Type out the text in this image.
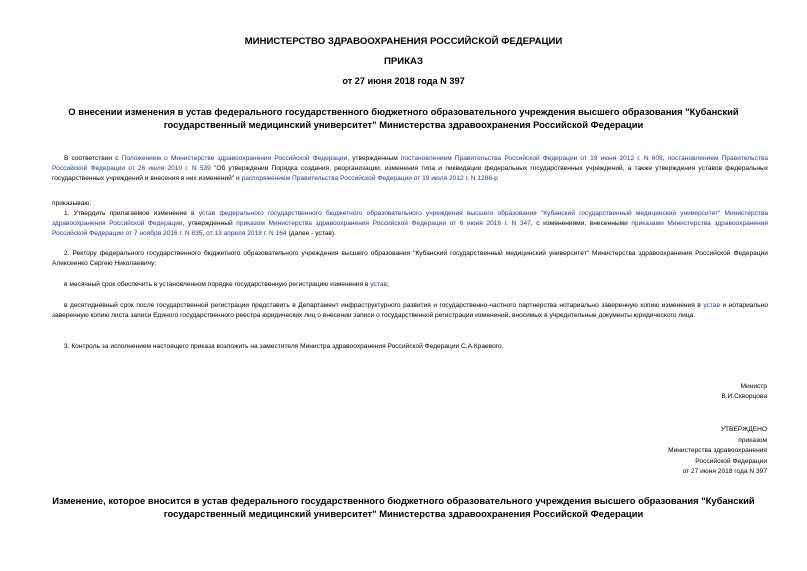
МИНИСТЕРСТВО ЗДРАВООХРАНЕНИЯ РОССИЙСКОЙ ФЕДЕРАЦИИ
ПРИКАЗ
от 27 июня 2018 года N 397
О внесении изменения в устав федерального государственного бюджетного образовательного учреждения высшего образования "Кубанский государственный медицинский университет" Министерства здравоохранения Российской Федерации

В соответствии с Положением о Министерстве здравоохранения Российской Федерации, утвержденным постановлением Правительства Российской Федерации от 19 июня 2012 г. N 608, постановлением Правительства Российской Федерации от 26 июля 2010 г. N 539 "Об утверждении Порядка создания, реорганизации, изменения типа и ликвидации федеральных государственных учреждений, а также утверждения уставов федеральных государственных учреждений и внесения в них изменений" и распоряжением Правительства Российской Федерации от 19 июля 2012 г. N 1286-р

приказываю:

1. Утвердить прилагаемое изменение в устав федерального государственного бюджетного образовательного учреждения высшего образования "Кубанский государственный медицинский университет" Министерства здравоохранения Российской Федерации, утвержденный приказом Министерства здравоохранения Российской Федерации от 6 июня 2016 г. N 347, с изменениями, внесенными приказами Министерства здравоохранения Российской Федерации от 7 ноября 2016 г. N 835, от 13 апреля 2018 г. N 164 (далее - устав).

2. Ректору федерального государственного бюджетного образовательного учреждения высшего образования "Кубанский государственный медицинский университет" Министерства здравоохранения Российской Федерации Алексеенко Сергею Николаевичу:

в месячный срок обеспечить в установленном порядке государственную регистрацию изменения в устав;

в десятидневный срок после государственной регистрации представить в Департамент инфраструктурного развития и государственно-частного партнерства нотариально заверенную копию изменения в устав и нотариально заверенную копию листа записи Единого государственного реестра юридических лиц о внесении записи о государственной регистрации изменений, вносимых в учредительные документы юридического лица.

3. Контроль за исполнением настоящего приказа возложить на заместителя Министра здравоохранения Российской Федерации С.А.Краевого.

Министр
В.И.Скворцова
УТВЕРЖДЕНО
приказом
Министерства здравоохранения
Российской Федерации
от 27 июня 2018 года N 397
Изменение, которое вносится в устав федерального государственного бюджетного образовательного учреждения высшего образования "Кубанский государственный медицинский университет" Министерства здравоохранения Российской Федерации
